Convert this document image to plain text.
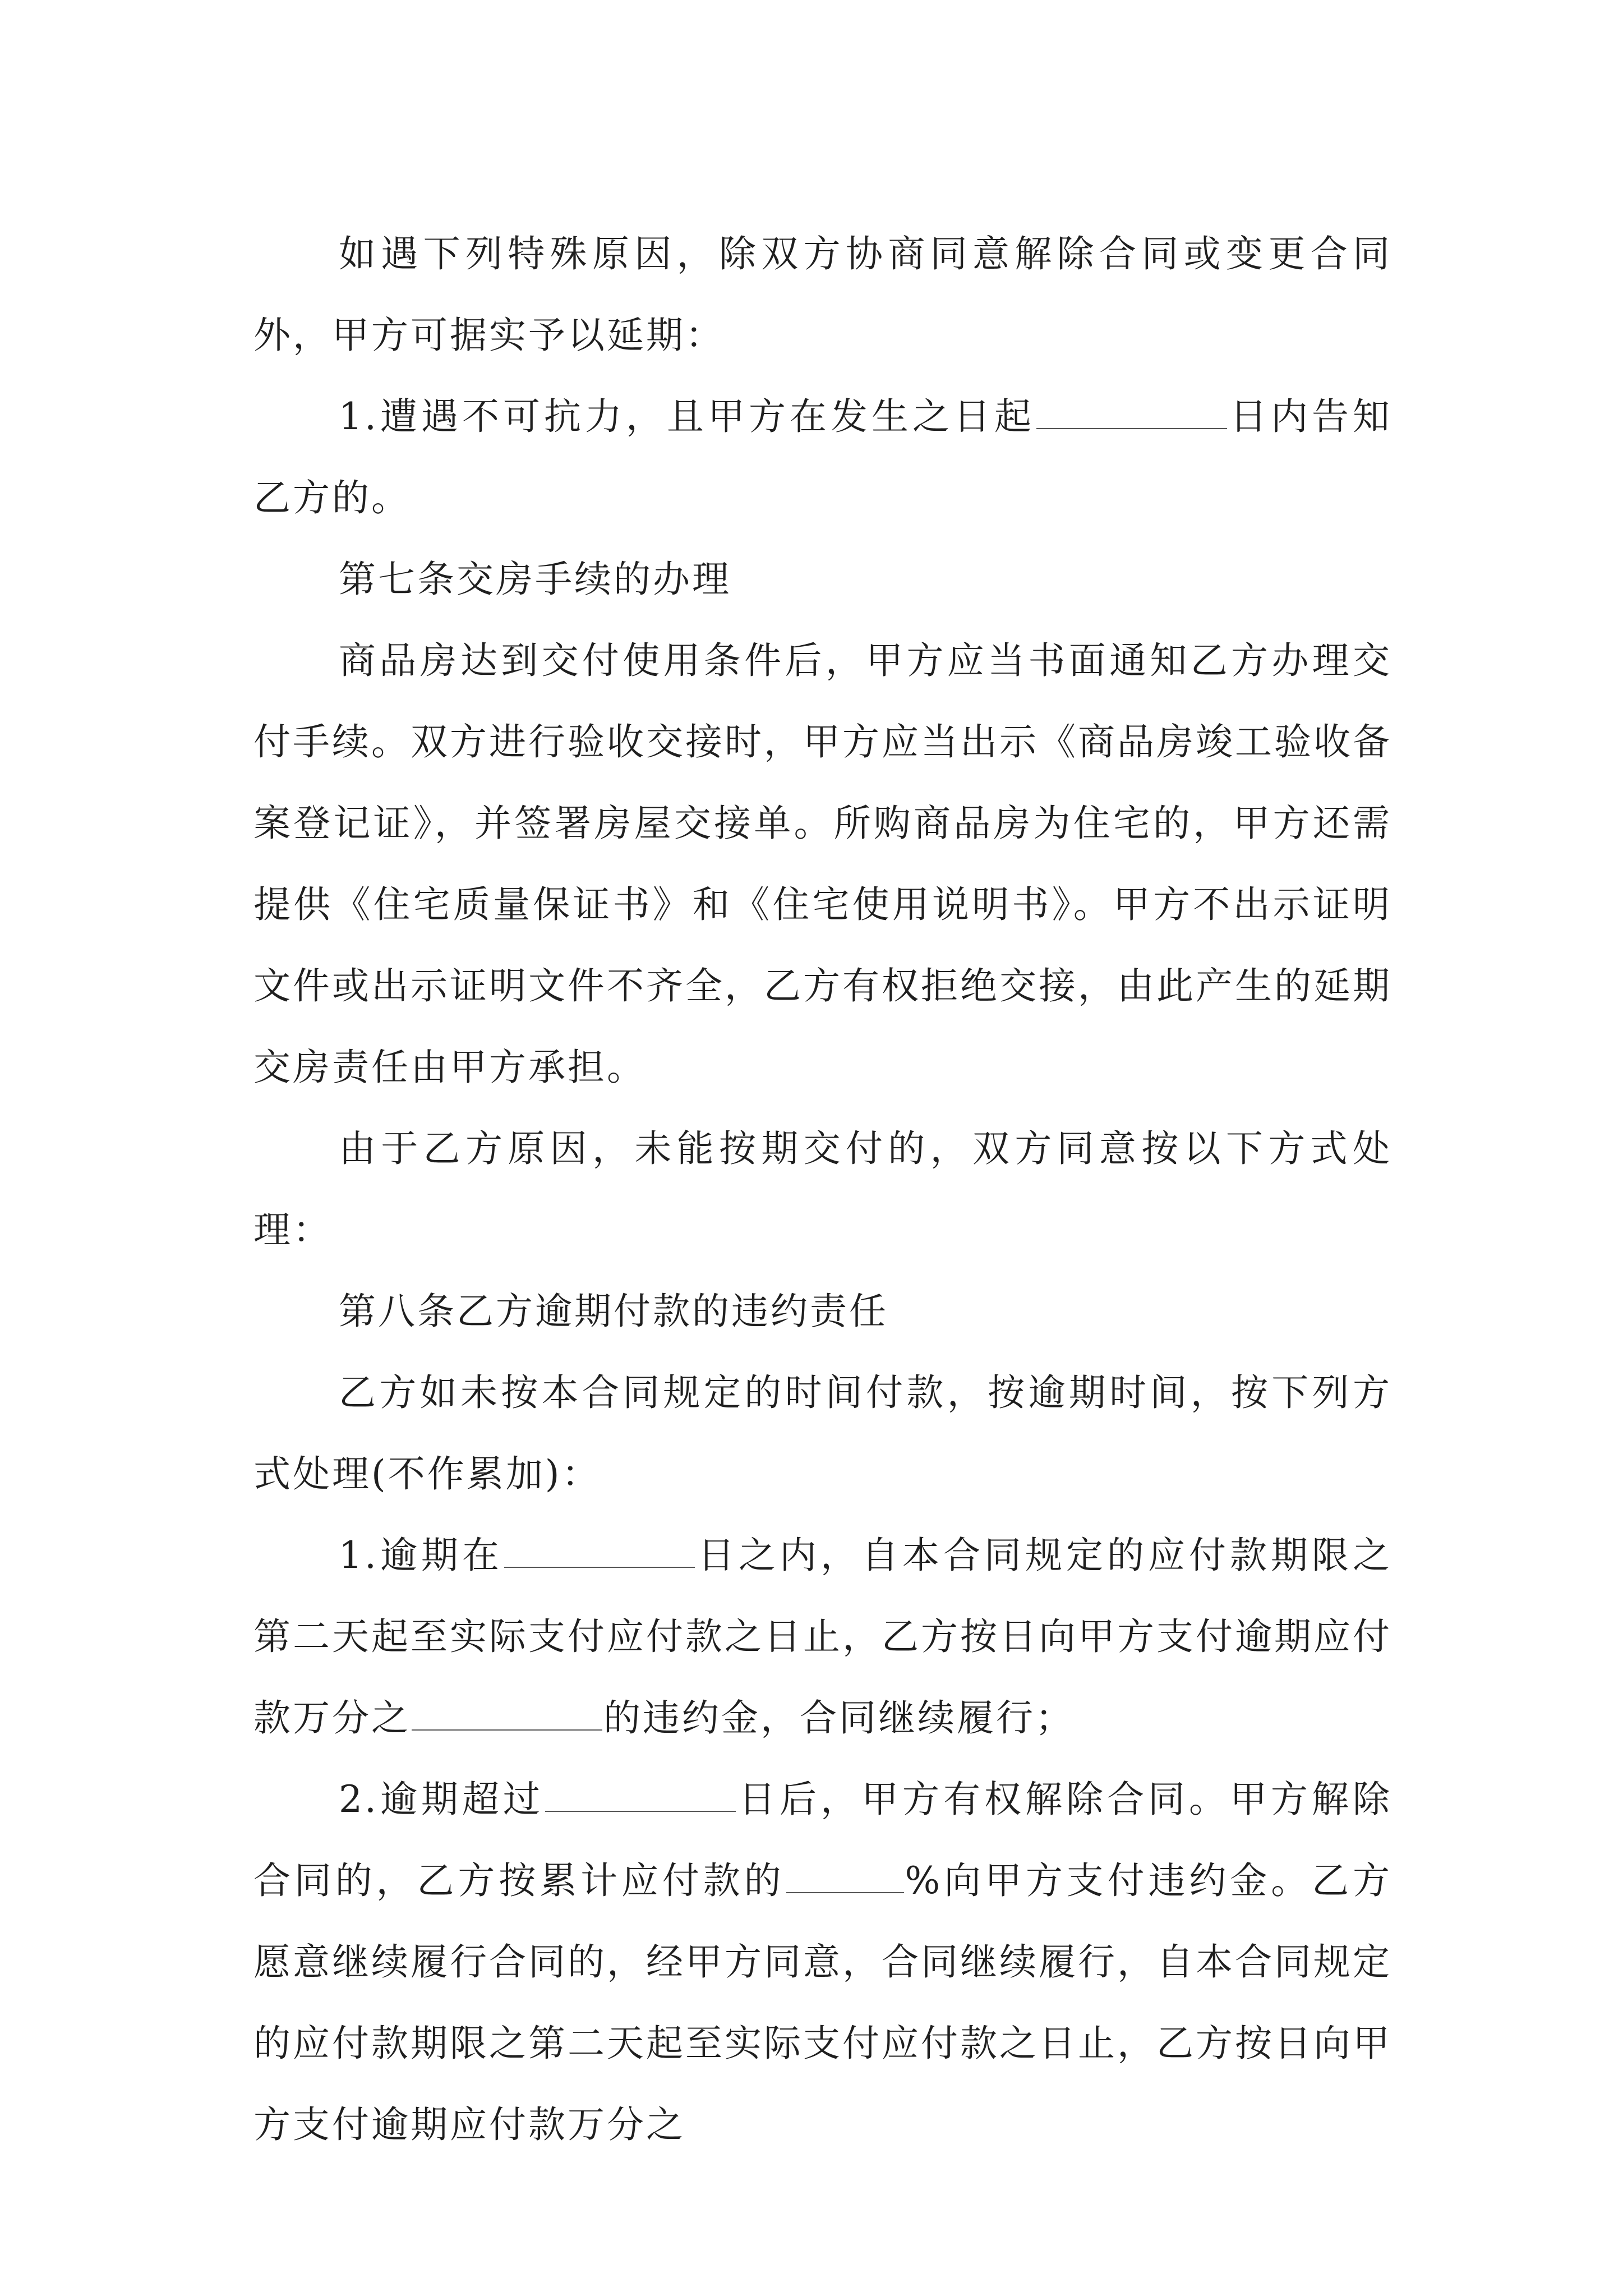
如遇下列特殊原因，除双方协商同意解除合同或变更合同外，甲方可据实予以延期：

1.遭遇不可抗力，且甲方在发生之日起	日内告知乙方的。

第七条交房手续的办理

商品房达到交付使用条件后，甲方应当书面通知乙方办理交付手续。双方进行验收交接时，甲方应当出示《商品房竣工验收备案登记证》，并签署房屋交接单。所购商品房为住宅的，甲方还需提供《住宅质量保证书》和《住宅使用说明书》。甲方不出示证明文件或出示证明文件不齐全，乙方有权拒绝交接，由此产生的延期交房责任由甲方承担。

由于乙方原因，未能按期交付的，双方同意按以下方式处理：

第八条乙方逾期付款的违约责任

乙方如未按本合同规定的时间付款，按逾期时间，按下列方式处理(不作累加)：

1.逾期在	日之内，自本合同规定的应付款期限之第二天起至实际支付应付款之日止，乙方按日向甲方支付逾期应付款万分之	的违约金，合同继续履行；

2.逾期超过	日后，甲方有权解除合同。甲方解除合同的，乙方按累计应付款的	%向甲方支付违约金。乙方愿意继续履行合同的，经甲方同意，合同继续履行，自本合同规定的应付款期限之第二天起至实际支付应付款之日止，乙方按日向甲方支付逾期应付款万分之
